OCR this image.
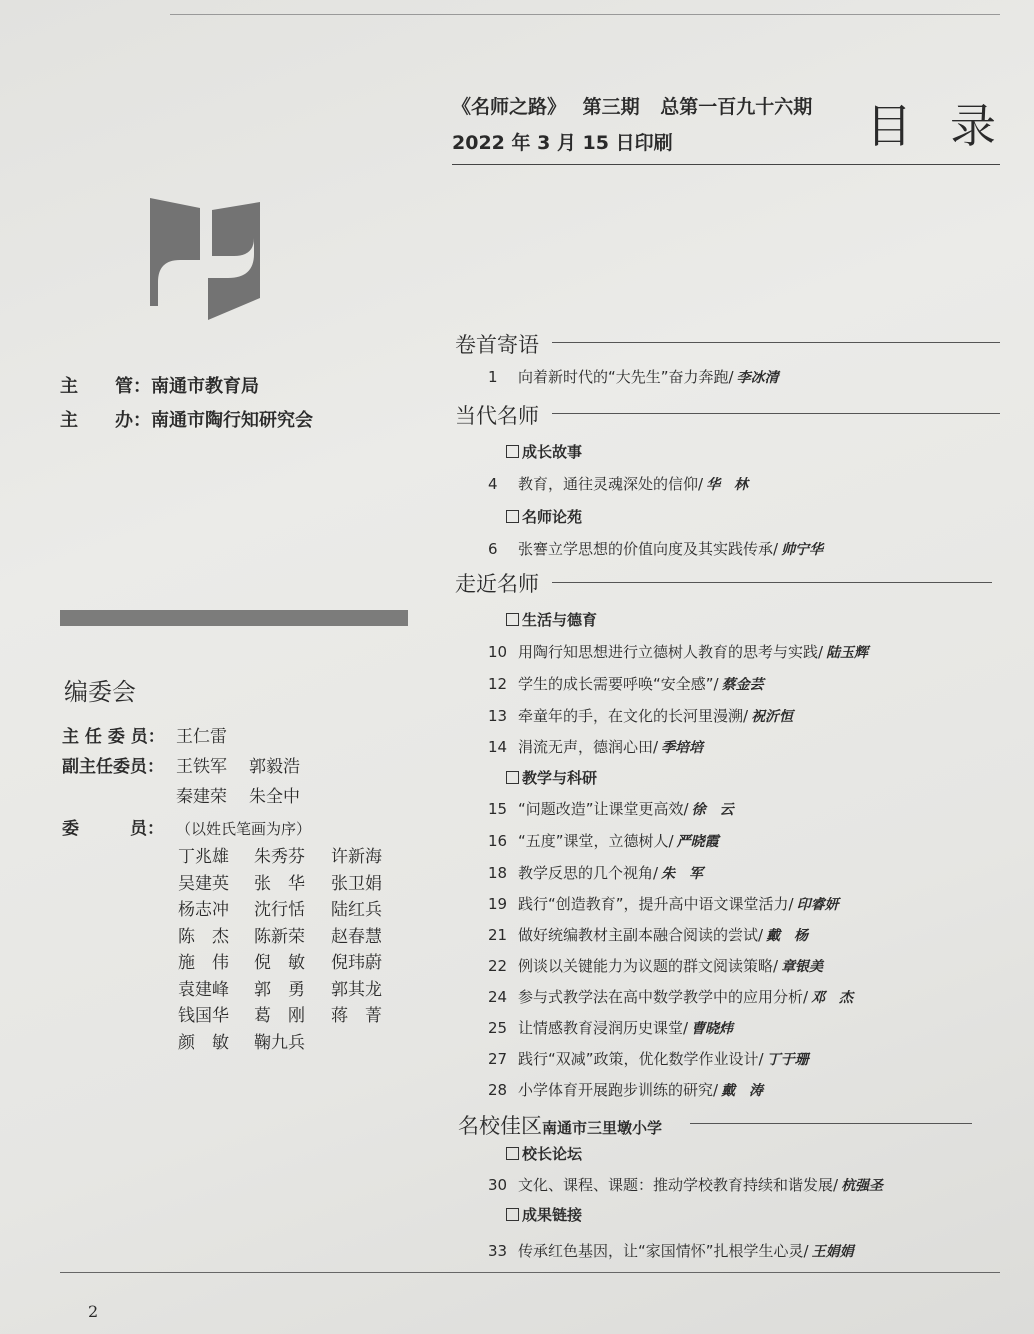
《名师之路》 第三期 总第一百九十六期
2022 年 3 月 15 日印刷	目录
主 管：南通市教育局
主 办：南通市陶行知研究会
编委会
主 任 委 员： 王仁雷
副主任委员： 王铁军 郭毅浩
秦建荣 朱全中
委　　　员： （以姓氏笔画为序）
丁兆雄 朱秀芬 许新海
吴建英 张　华 张卫娟
杨志冲 沈行恬 陆红兵
陈　杰 陈新荣 赵春慧
施　伟 倪　敏 倪玮蔚
袁建峰 郭　勇 郭其龙
钱国华 葛　刚 蒋　菁
颜　敏 鞠九兵
卷首寄语
当代名师
走近名师
名校佳区南通市三里墩小学
成长故事
名师论苑
生活与德育
教学与科研
校长论坛
成果链接
1 向着新时代的“大先生”奋力奔跑/ 李冰清
4 教育，通往灵魂深处的信仰/ 华　林
6 张謇立学思想的价值向度及其实践传承/ 帅宁华
10 用陶行知思想进行立德树人教育的思考与实践/ 陆玉辉
12 学生的成长需要呼唤“安全感”/ 蔡金芸
13 牵童年的手，在文化的长河里漫溯/ 祝沂恒
14 涓流无声，德润心田/ 季培培
15 “问题改造”让课堂更高效/ 徐　云
16 “五度”课堂，立德树人/ 严晓霞
18 教学反思的几个视角/ 朱　军
19 践行“创造教育”，提升高中语文课堂活力/ 印睿妍
21 做好统编教材主副本融合阅读的尝试/ 戴　杨
22 例谈以关键能力为议题的群文阅读策略/ 章银美
24 参与式教学法在高中数学教学中的应用分析/ 邓　杰
25 让情感教育浸润历史课堂/ 曹晓炜
27 践行“双减”政策，优化数学作业设计/ 丁于珊
28 小学体育开展跑步训练的研究/ 戴　涛
30 文化、课程、课题：推动学校教育持续和谐发展/ 杭强圣
33 传承红色基因，让“家国情怀”扎根学生心灵/ 王娟娟
2
